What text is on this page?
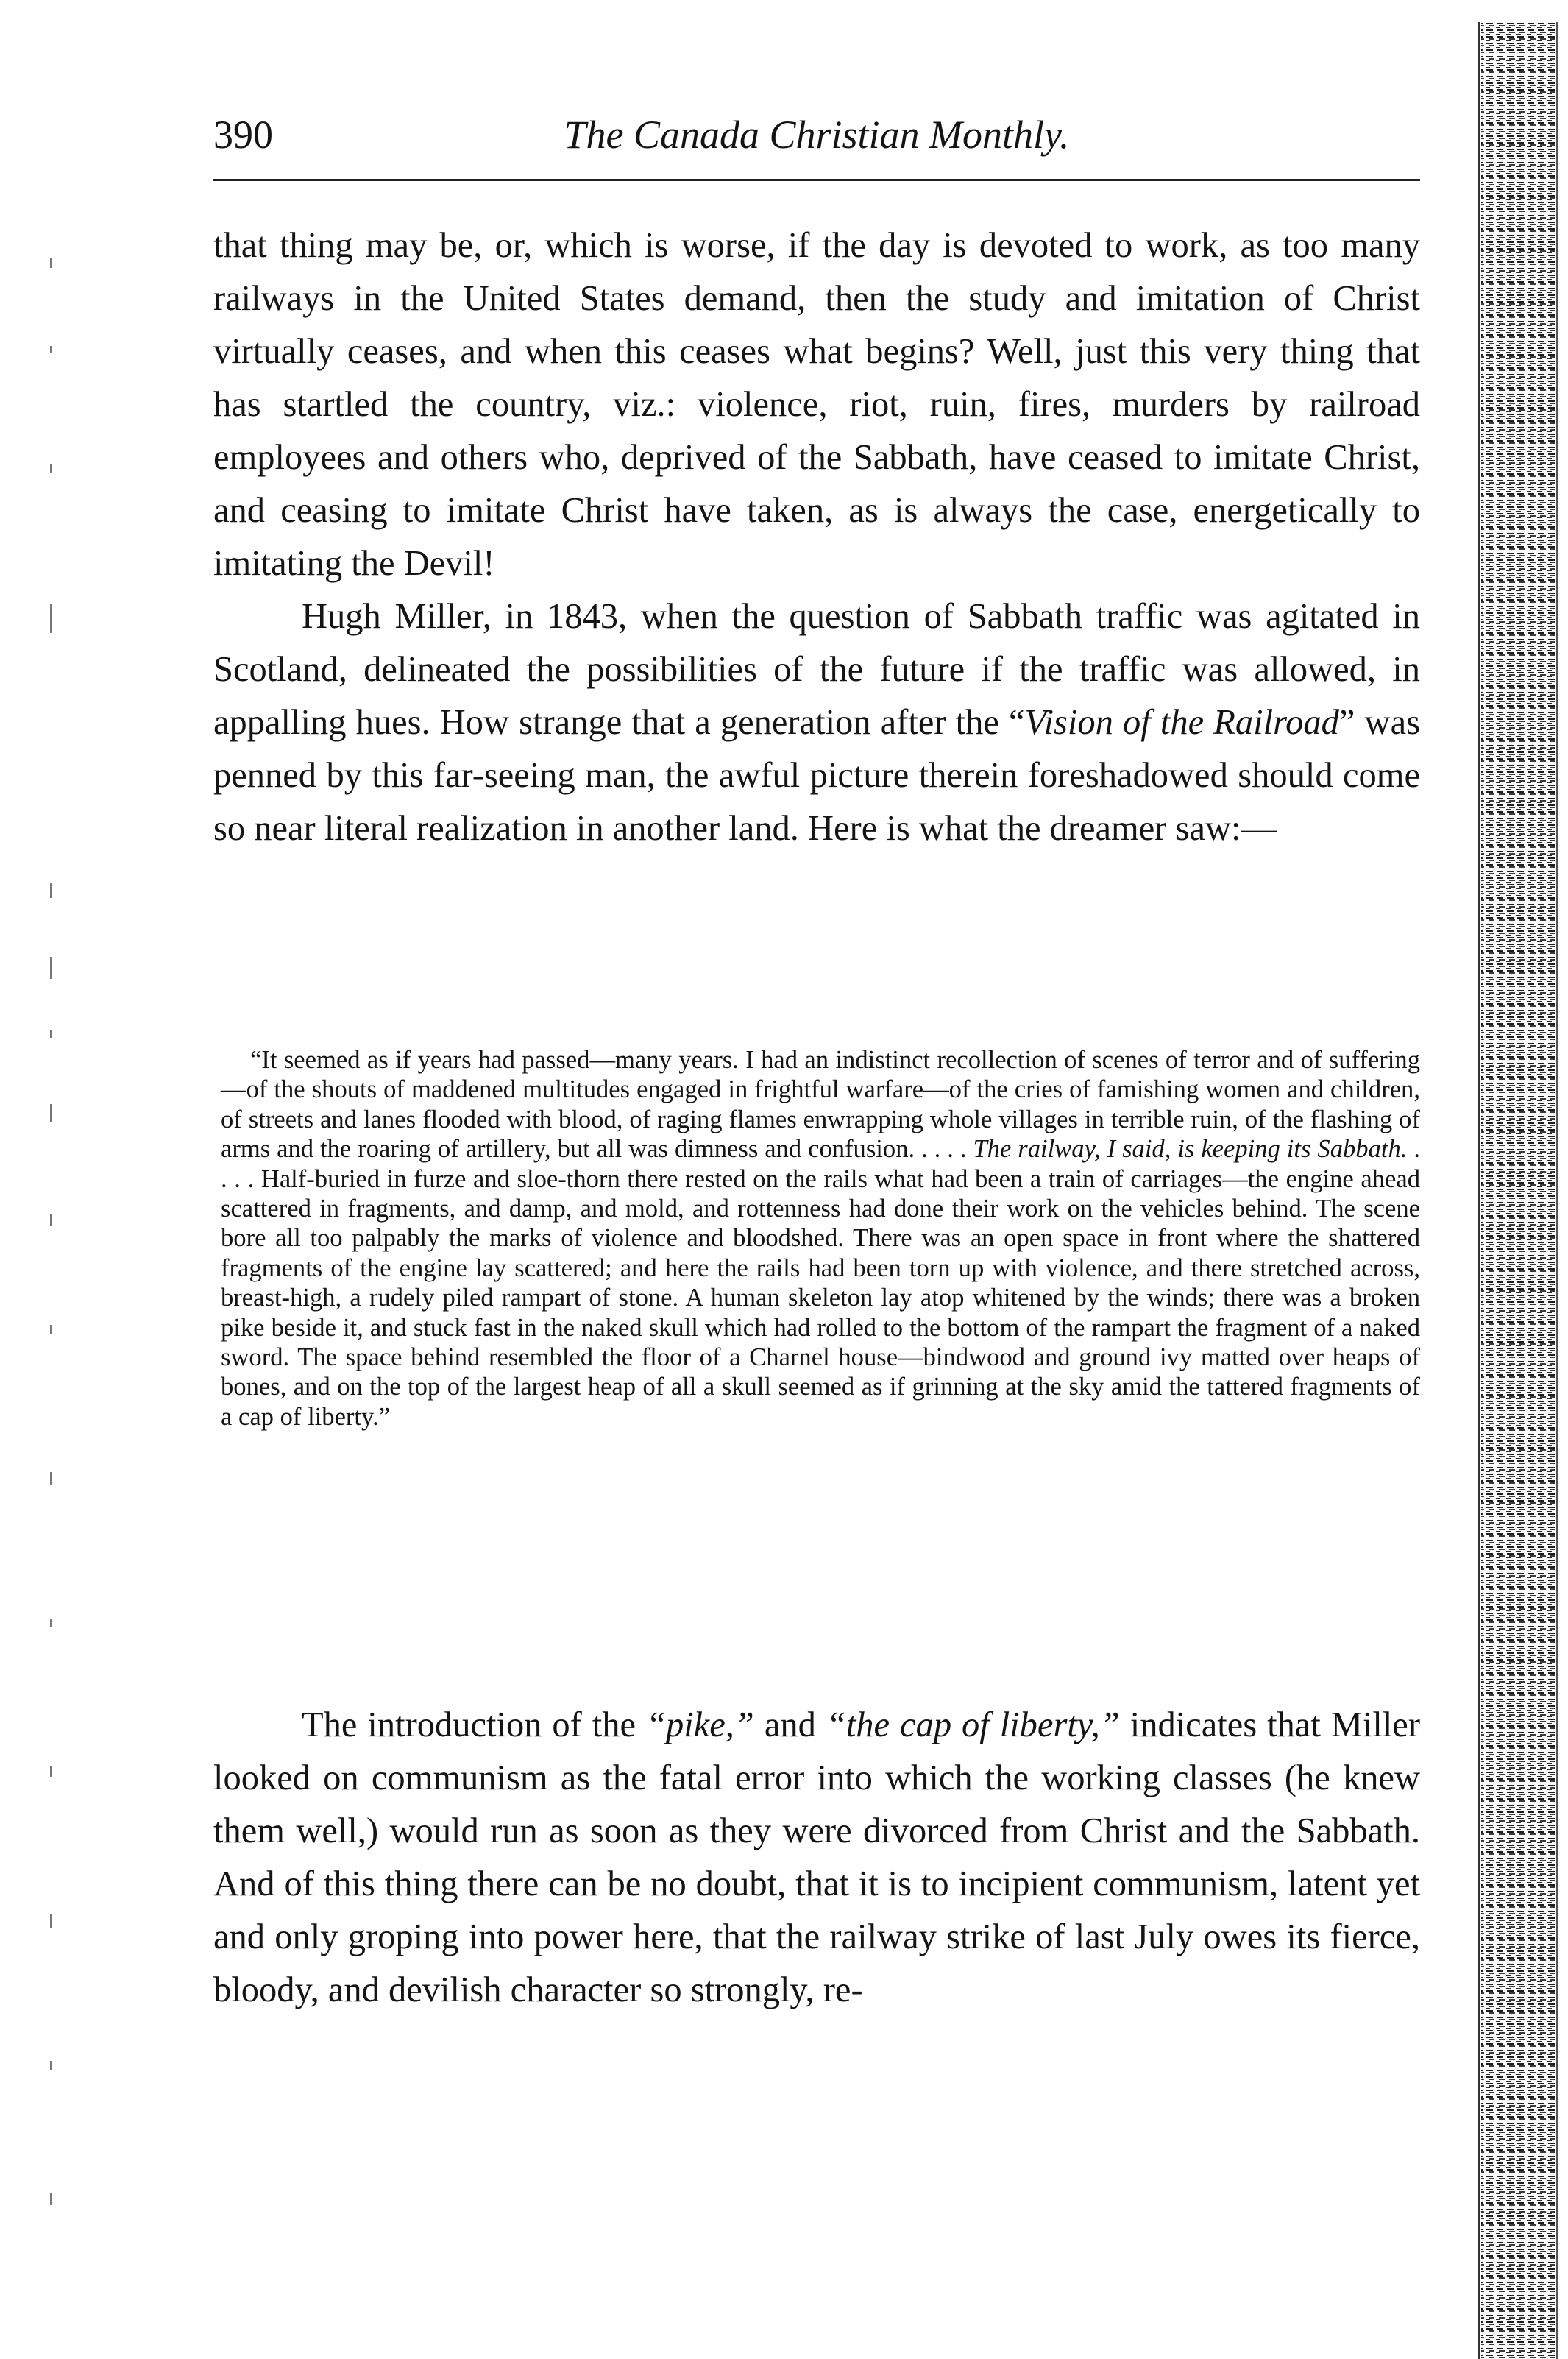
390	The Canada Christian Monthly.

that thing may be, or, which is worse, if the day is devoted to work, as too many railways in the United States demand, then the study and imitation of Christ virtually ceases, and when this ceases what begins? Well, just this very thing that has startled the country, viz.: violence, riot, ruin, fires, murders by railroad employees and others who, deprived of the Sabbath, have ceased to imitate Christ, and ceasing to imitate Christ have taken, as is always the case, energetically to imitating the Devil!

Hugh Miller, in 1843, when the question of Sabbath traffic was agitated in Scotland, delineated the possibilities of the future if the traffic was allowed, in appalling hues. How strange that a generation after the “Vision of the Railroad” was penned by this far-seeing man, the awful picture therein foreshadowed should come so near literal realization in another land. Here is what the dreamer saw:—

“It seemed as if years had passed—many years. I had an indistinct recollection of scenes of terror and of suffering—of the shouts of maddened multitudes engaged in frightful warfare—of the cries of famishing women and children, of streets and lanes flooded with blood, of raging flames enwrapping whole villages in terrible ruin, of the flashing of arms and the roaring of artillery, but all was dimness and confusion. . . . . The railway, I said, is keeping its Sabbath. . . . . Half-buried in furze and sloe-thorn there rested on the rails what had been a train of carriages—the engine ahead scattered in fragments, and damp, and mold, and rottenness had done their work on the vehicles behind. The scene bore all too palpably the marks of violence and bloodshed. There was an open space in front where the shattered fragments of the engine lay scattered; and here the rails had been torn up with violence, and there stretched across, breast-high, a rudely piled rampart of stone. A human skeleton lay atop whitened by the winds; there was a broken pike beside it, and stuck fast in the naked skull which had rolled to the bottom of the rampart the fragment of a naked sword. The space behind resembled the floor of a Charnel house—bindwood and ground ivy matted over heaps of bones, and on the top of the largest heap of all a skull seemed as if grinning at the sky amid the tattered fragments of a cap of liberty.”

The introduction of the “pike,” and “the cap of liberty,” indicates that Miller looked on communism as the fatal error into which the working classes (he knew them well,) would run as soon as they were divorced from Christ and the Sabbath. And of this thing there can be no doubt, that it is to incipient communism, latent yet and only groping into power here, that the railway strike of last July owes its fierce, bloody, and devilish character so strongly, re-
